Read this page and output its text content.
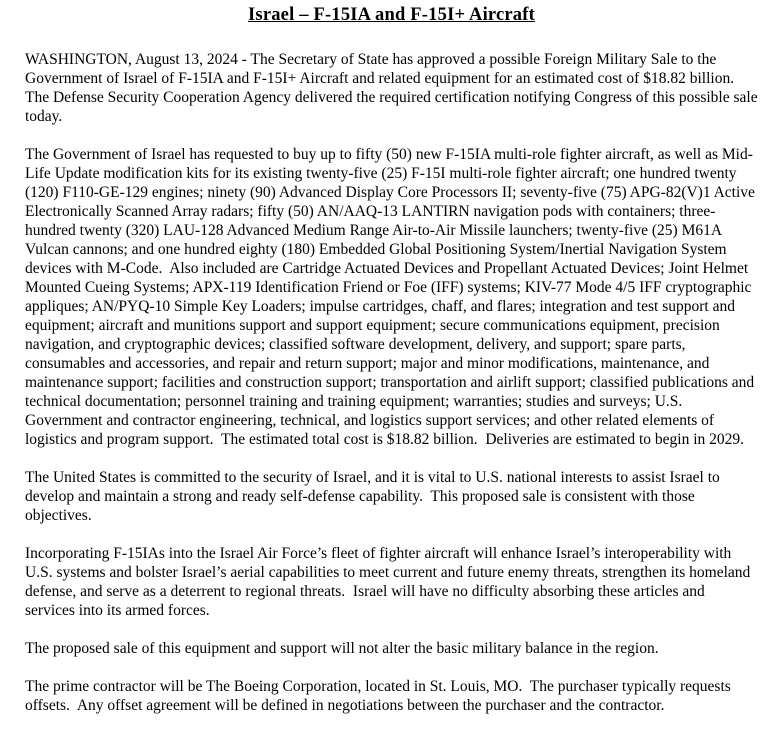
Israel – F-15IA and F-15I+ Aircraft

WASHINGTON, August 13, 2024 - The Secretary of State has approved a possible Foreign Military Sale to the Government of Israel of F-15IA and F-15I+ Aircraft and related equipment for an estimated cost of $18.82 billion.  The Defense Security Cooperation Agency delivered the required certification notifying Congress of this possible sale today.

The Government of Israel has requested to buy up to fifty (50) new F-15IA multi-role fighter aircraft, as well as Mid-Life Update modification kits for its existing twenty-five (25) F-15I multi-role fighter aircraft; one hundred twenty (120) F110-GE-129 engines; ninety (90) Advanced Display Core Processors II; seventy-five (75) APG-82(V)1 Active Electronically Scanned Array radars; fifty (50) AN/AAQ-13 LANTIRN navigation pods with containers; three-hundred twenty (320) LAU-128 Advanced Medium Range Air-to-Air Missile launchers; twenty-five (25) M61A Vulcan cannons; and one hundred eighty (180) Embedded Global Positioning System/Inertial Navigation System devices with M-Code.  Also included are Cartridge Actuated Devices and Propellant Actuated Devices; Joint Helmet Mounted Cueing Systems; APX-119 Identification Friend or Foe (IFF) systems; KIV-77 Mode 4/5 IFF cryptographic appliques; AN/PYQ-10 Simple Key Loaders; impulse cartridges, chaff, and flares; integration and test support and equipment; aircraft and munitions support and support equipment; secure communications equipment, precision navigation, and cryptographic devices; classified software development, delivery, and support; spare parts, consumables and accessories, and repair and return support; major and minor modifications, maintenance, and maintenance support; facilities and construction support; transportation and airlift support; classified publications and technical documentation; personnel training and training equipment; warranties; studies and surveys; U.S. Government and contractor engineering, technical, and logistics support services; and other related elements of logistics and program support.  The estimated total cost is $18.82 billion.  Deliveries are estimated to begin in 2029.

The United States is committed to the security of Israel, and it is vital to U.S. national interests to assist Israel to develop and maintain a strong and ready self-defense capability.  This proposed sale is consistent with those objectives.

Incorporating F-15IAs into the Israel Air Force’s fleet of fighter aircraft will enhance Israel’s interoperability with U.S. systems and bolster Israel’s aerial capabilities to meet current and future enemy threats, strengthen its homeland defense, and serve as a deterrent to regional threats.  Israel will have no difficulty absorbing these articles and services into its armed forces.

The proposed sale of this equipment and support will not alter the basic military balance in the region.

The prime contractor will be The Boeing Corporation, located in St. Louis, MO.  The purchaser typically requests offsets.  Any offset agreement will be defined in negotiations between the purchaser and the contractor.
